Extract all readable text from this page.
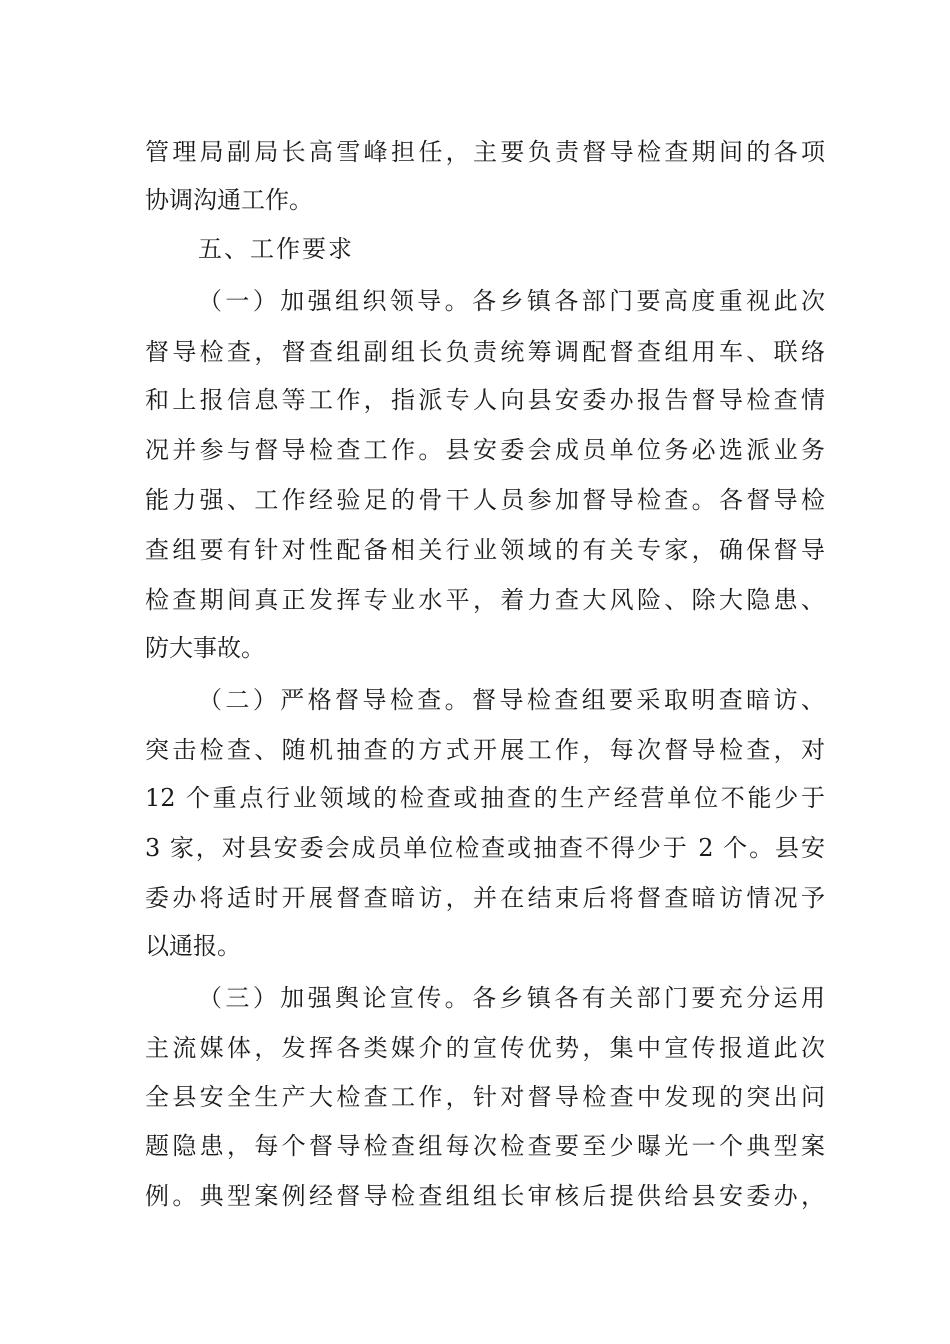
管理局副局长高雪峰担任，主要负责督导检查期间的各项
协调沟通工作。
五、工作要求
（一）加强组织领导。各乡镇各部门要高度重视此次
督导检查，督查组副组长负责统筹调配督查组用车、联络
和上报信息等工作，指派专人向县安委办报告督导检查情
况并参与督导检查工作。县安委会成员单位务必选派业务
能力强、工作经验足的骨干人员参加督导检查。各督导检
查组要有针对性配备相关行业领域的有关专家，确保督导
检查期间真正发挥专业水平，着力查大风险、除大隐患、
防大事故。
（二）严格督导检查。督导检查组要采取明查暗访、
突击检查、随机抽查的方式开展工作，每次督导检查，对
12 个重点行业领域的检查或抽查的生产经营单位不能少于
3 家，对县安委会成员单位检查或抽查不得少于 2 个。县安
委办将适时开展督查暗访，并在结束后将督查暗访情况予
以通报。
（三）加强舆论宣传。各乡镇各有关部门要充分运用
主流媒体，发挥各类媒介的宣传优势，集中宣传报道此次
全县安全生产大检查工作，针对督导检查中发现的突出问
题隐患，每个督导检查组每次检查要至少曝光一个典型案
例。典型案例经督导检查组组长审核后提供给县安委办，
